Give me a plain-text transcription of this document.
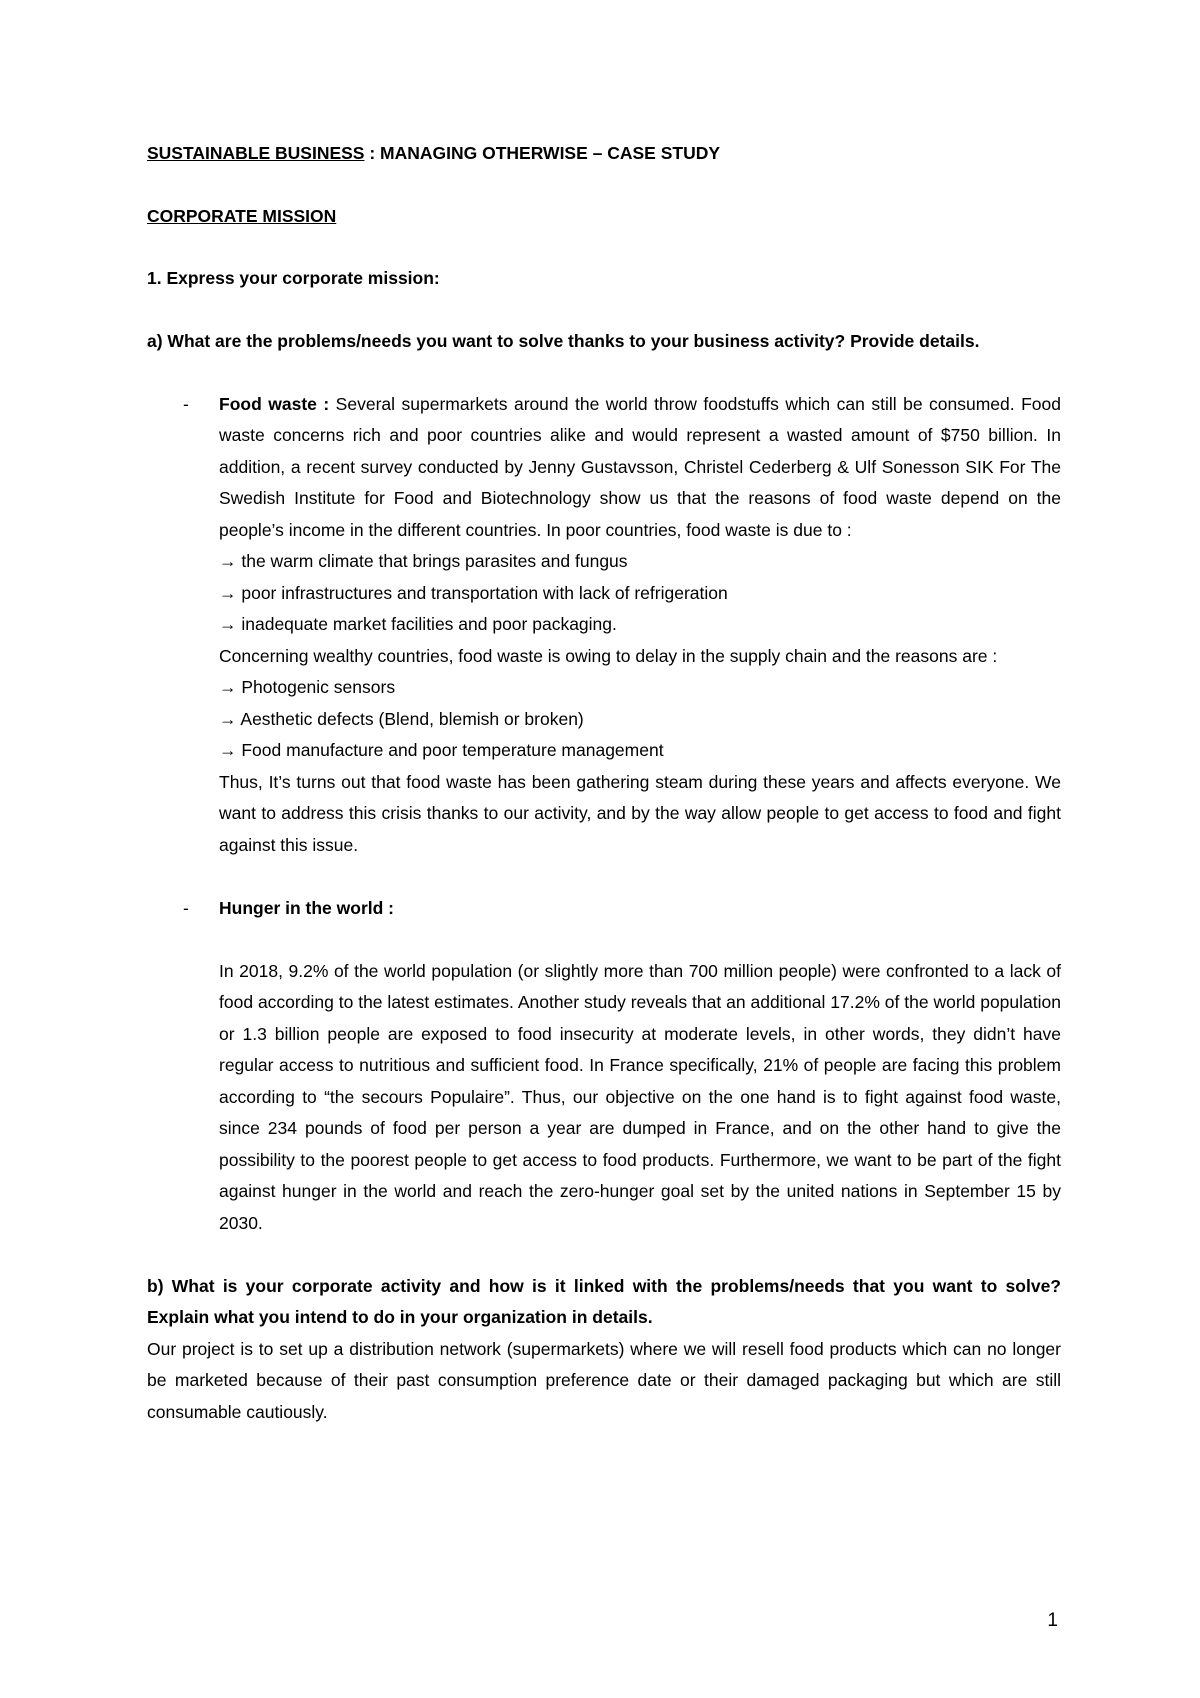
SUSTAINABLE BUSINESS : MANAGING OTHERWISE – CASE STUDY

CORPORATE MISSION

1. Express your corporate mission:

a) What are the problems/needs you want to solve thanks to your business activity? Provide details.

- Food waste : Several supermarkets around the world throw foodstuffs which can still be consumed. Food waste concerns rich and poor countries alike and would represent a wasted amount of $750 billion. In addition, a recent survey conducted by Jenny Gustavsson, Christel Cederberg & Ulf Sonesson SIK For The Swedish Institute for Food and Biotechnology show us that the reasons of food waste depend on the people’s income in the different countries. In poor countries, food waste is due to :

→ the warm climate that brings parasites and fungus
→ poor infrastructures and transportation with lack of refrigeration
→ inadequate market facilities and poor packaging.

Concerning wealthy countries, food waste is owing to delay in the supply chain and the reasons are :

→ Photogenic sensors
→ Aesthetic defects (Blend, blemish or broken)
→ Food manufacture and poor temperature management

Thus, It’s turns out that food waste has been gathering steam during these years and affects everyone. We want to address this crisis thanks to our activity, and by the way allow people to get access to food and fight against this issue.

- Hunger in the world :

In 2018, 9.2% of the world population (or slightly more than 700 million people) were confronted to a lack of food according to the latest estimates. Another study reveals that an additional 17.2% of the world population or 1.3 billion people are exposed to food insecurity at moderate levels, in other words, they didn’t have regular access to nutritious and sufficient food. In France specifically, 21% of people are facing this problem according to “the secours Populaire”. Thus, our objective on the one hand is to fight against food waste, since 234 pounds of food per person a year are dumped in France, and on the other hand to give the possibility to the poorest people to get access to food products. Furthermore, we want to be part of the fight against hunger in the world and reach the zero-hunger goal set by the united nations in September 15 by 2030.

b) What is your corporate activity and how is it linked with the problems/needs that you want to solve? Explain what you intend to do in your organization in details.

Our project is to set up a distribution network (supermarkets) where we will resell food products which can no longer be marketed because of their past consumption preference date or their damaged packaging but which are still consumable cautiously.

1
